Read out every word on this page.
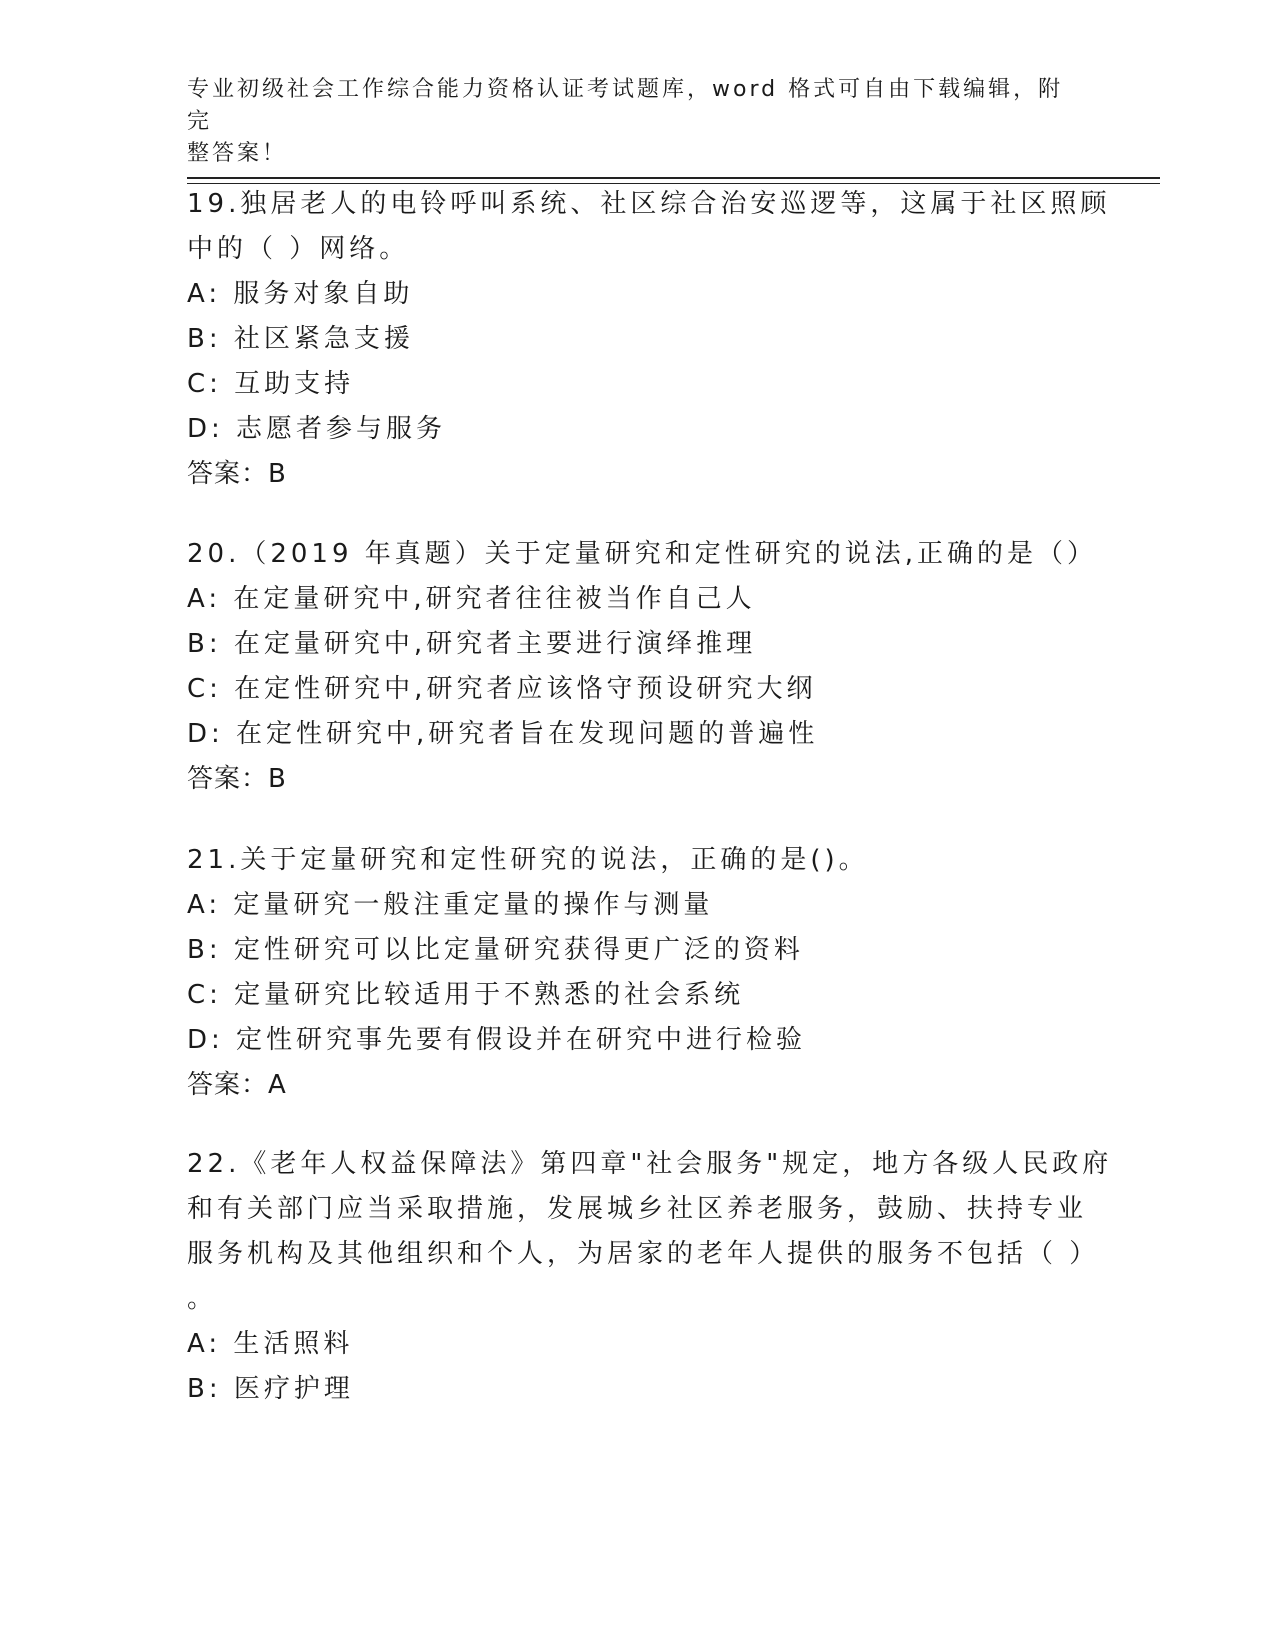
专业初级社会工作综合能力资格认证考试题库，word 格式可自由下载编辑，附完
整答案！
19.独居老人的电铃呼叫系统、社区综合治安巡逻等，这属于社区照顾
中的（ ）网络。
A: 服务对象自助
B: 社区紧急支援
C: 互助支持
D: 志愿者参与服务
答案：B
20.（2019 年真题）关于定量研究和定性研究的说法,正确的是（）
A: 在定量研究中,研究者往往被当作自己人
B: 在定量研究中,研究者主要进行演绎推理
C: 在定性研究中,研究者应该恪守预设研究大纲
D: 在定性研究中,研究者旨在发现问题的普遍性
答案：B
21.关于定量研究和定性研究的说法，正确的是()。
A: 定量研究一般注重定量的操作与测量
B: 定性研究可以比定量研究获得更广泛的资料
C: 定量研究比较适用于不熟悉的社会系统
D: 定性研究事先要有假设并在研究中进行检验
答案：A
22.《老年人权益保障法》第四章"社会服务"规定，地方各级人民政府
和有关部门应当采取措施，发展城乡社区养老服务，鼓励、扶持专业
服务机构及其他组织和个人，为居家的老年人提供的服务不包括（ ）
。
A: 生活照料
B: 医疗护理
